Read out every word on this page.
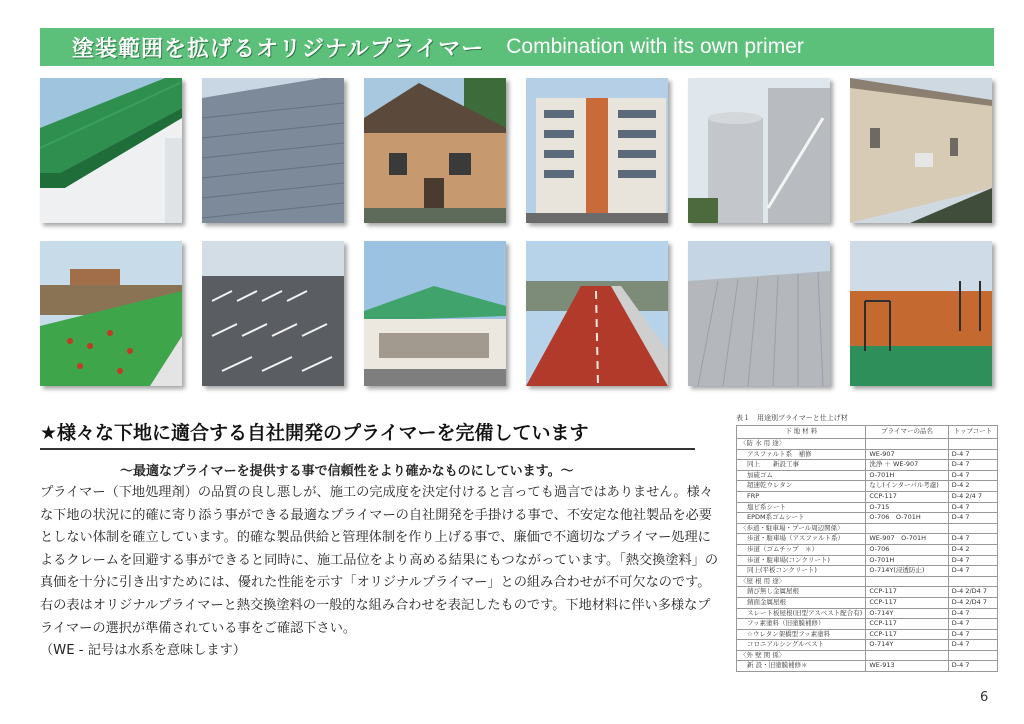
塗装範囲を拡げるオリジナルプライマー Combination with its own primer
★様々な下地に適合する自社開発のプライマーを完備しています
～最適なプライマーを提供する事で信頼性をより確かなものにしています。～

プライマー（下地処理剤）の品質の良し悪しが、施工の完成度を決定付けると言っても過言ではありません。様々な下地の状況に的確に寄り添う事ができる最適なプライマーの自社開発を手掛ける事で、不安定な他社製品を必要としない体制を確立しています。的確な製品供給と管理体制を作り上げる事で、廉価で不適切なプライマー処理によるクレームを回避する事ができると同時に、施工品位をより高める結果にもつながっています。「熱交換塗料」の真価を十分に引き出すためには、優れた性能を示す「オリジナルプライマー」との組み合わせが不可欠なのです。

右の表はオリジナルプライマーと熱交換塗料の一般的な組み合わせを表記したものです。下地材料に伴い多様なプライマーの選択が準備されている事をご確認下さい。

（WE - 記号は水系を意味します）

表１　用途別プライマーと仕上げ材
下 地 材 料	プライマーの品名	トップコート
〈防 水 用 途〉		
アスファルト系　補修	WE-907	D-4 7
同上　　新設工事	洗浄 ＋ WE-907	D-4 7
加硫ゴム	O-701H	D-4 7
超速乾ウレタン	なし(インターバル考慮)	D-4 2
FRP	CCP-117	D-4 2/4 7
塩ビ系シート	O-715	D-4 7
EPDM系ゴムシート	O-706　O-701H	D-4 7
〈歩道・駐車場・プール周辺関係〉		
歩道・駐車場（アスファルト系）	WE-907　O-701H	D-4 7
歩道（ゴムチップ　＊）	O-706	D-4 2
歩道・駐車場(コンクリート)	O-701H	D-4 7
同上(平板コンクリート)	O-714Y(浸透防止)	D-4 7
〈屋 根 用 途〉		
錆び無し金属屋根	CCP-117	D-4 2/D4 7
錆面金属屋根	CCP-117	D-4 2/D4 7
スレート板屋根(旧型アスベスト配合有)	O-714Y	D-4 7
フッ素塗料（旧塗膜補修）	CCP-117	D-4 7
☆ウレタン架橋型フッ素塗料	CCP-117	D-4 7
コロニアルシングルベスト	O-714Y	D-4 7
〈外 壁 関 係〉		
新 設・旧塗膜補修＊	WE-913	D-4 7
6
